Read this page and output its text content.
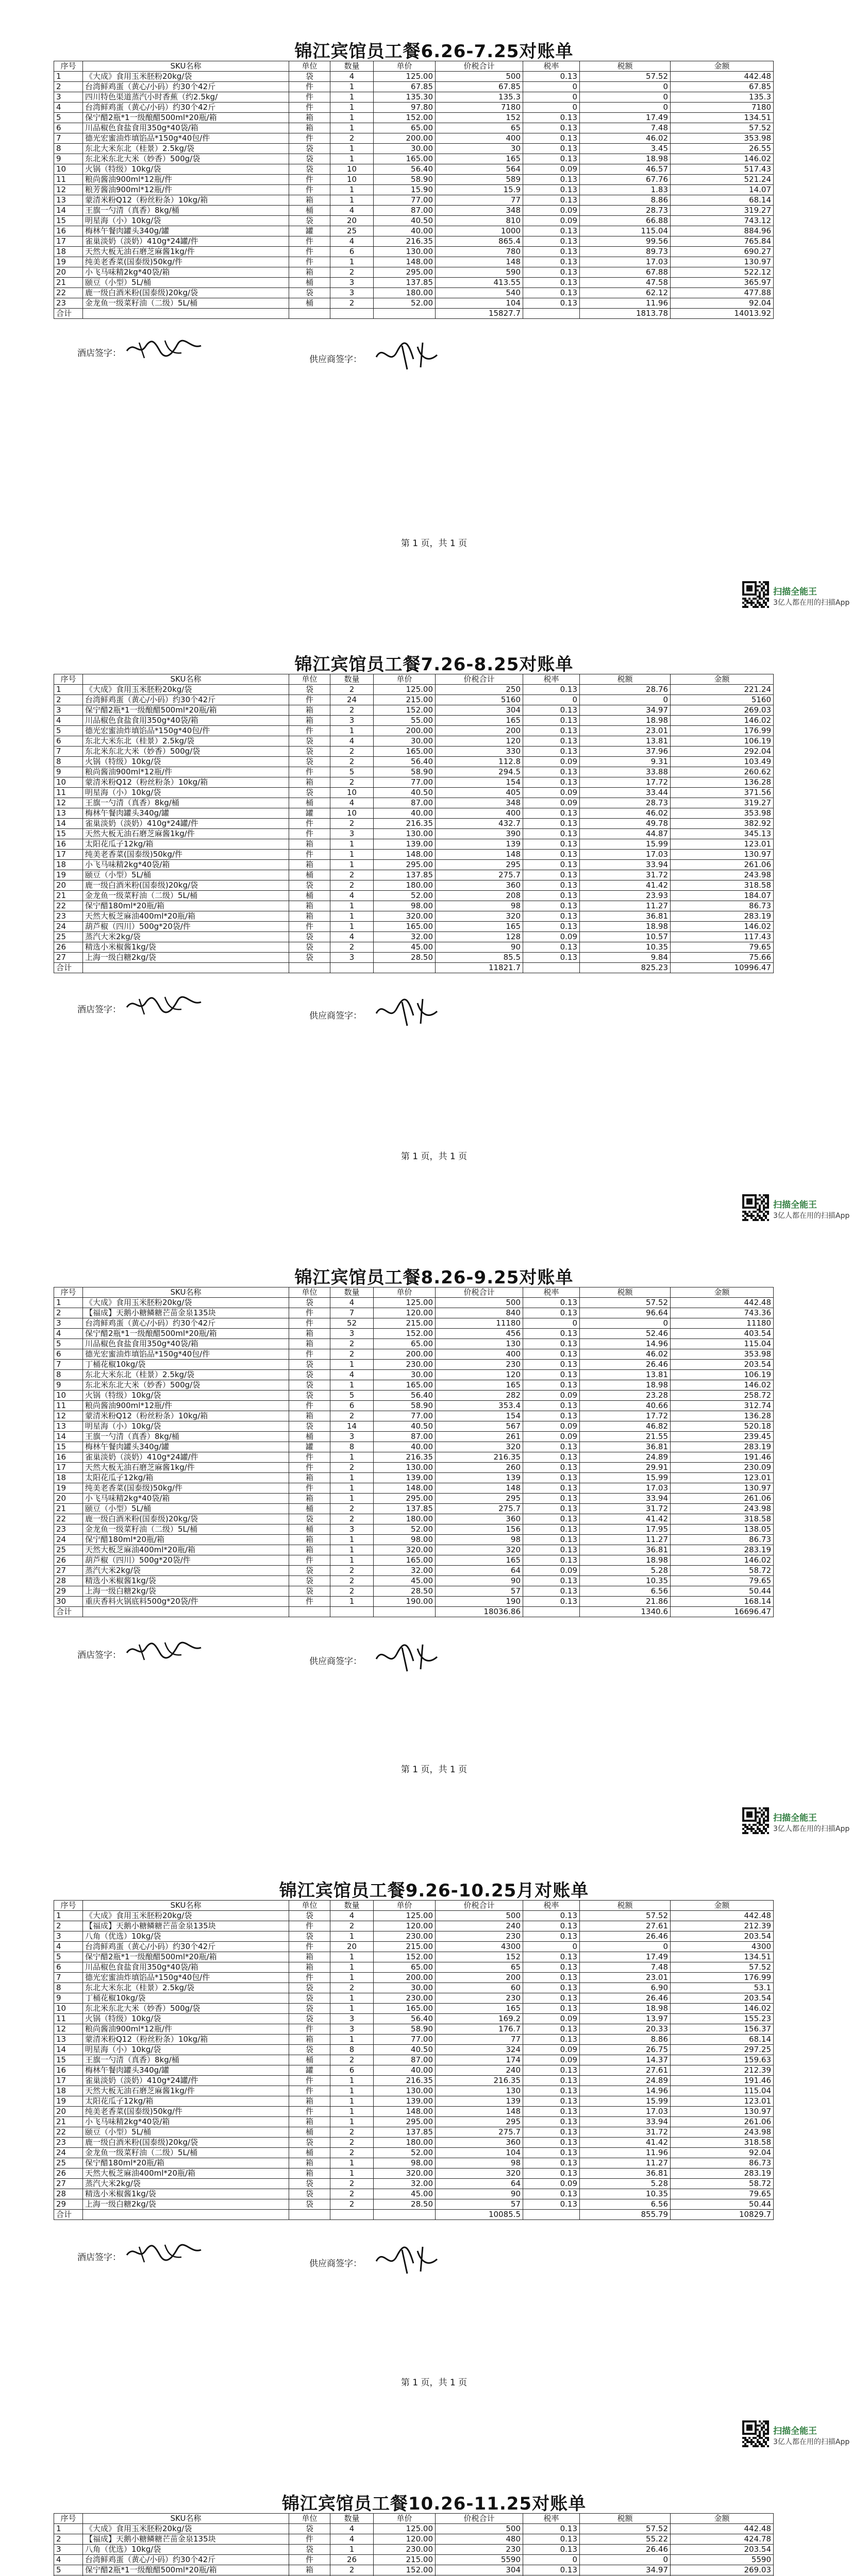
锦江宾馆员工餐6.26-7.25对账单
序号	SKU名称	单位	数量	单价	价税合计	税率	税额	金额
1	《大成》食用玉米胚粉20kg/袋	袋	4	125.00	500	0.13	57.52	442.48
2	台湾鲜鸡蛋（黄心/小码）约30个42斤	件	1	67.85	67.85	0	0	67.85
3	四川特色渠道蒸汽小时香蕉（约2.5kg/	件	1	135.30	135.3	0	0	135.3
4	台湾鲜鸡蛋（黄心/小码）约30个42斤	件	1	97.80	7180	0	0	7180
5	保宁醋2瓶*1一级酿醋500ml*20瓶/箱	箱	1	152.00	152	0.13	17.49	134.51
6	川品椒色食盐食用350g*40袋/箱	箱	1	65.00	65	0.13	7.48	57.52
7	德光宏蜜油炸填馅品*150g*40包/件	件	2	200.00	400	0.13	46.02	353.98
8	东北大米东北（桂景）2.5kg/袋	袋	1	30.00	30	0.13	3.45	26.55
9	东北米东北大米（妙香）500g/袋	袋	1	165.00	165	0.13	18.98	146.02
10	火锅（特级）10kg/袋	袋	10	56.40	564	0.09	46.57	517.43
11	粮尚酱油900ml*12瓶/件	件	10	58.90	589	0.13	67.76	521.24
12	粮芳酱油900ml*12瓶/件	件	1	15.90	15.9	0.13	1.83	14.07
13	蒙清米粉Q12（粉丝粉条）10kg/箱	箱	1	77.00	77	0.13	8.86	68.14
14	王旗一勺清（真香）8kg/桶	桶	4	87.00	348	0.09	28.73	319.27
15	明星海（小）10kg/袋	袋	20	40.50	810	0.09	66.88	743.12
16	梅林午餐肉罐头340g/罐	罐	25	40.00	1000	0.13	115.04	884.96
17	雀巢淡奶（淡奶）410g*24罐/件	件	4	216.35	865.4	0.13	99.56	765.84
18	天然大板无油石磨芝麻酱1kg/件	件	6	130.00	780	0.13	89.73	690.27
19	纯美老香菜(国泰级)50kg/件	件	1	148.00	148	0.13	17.03	130.97
20	小飞马味精2kg*40袋/箱	箱	2	295.00	590	0.13	67.88	522.12
21	颐豆（小型）5L/桶	桶	3	137.85	413.55	0.13	47.58	365.97
22	鹿一级白酒米粉(国泰级)20kg/袋	袋	3	180.00	540	0.13	62.12	477.88
23	金龙鱼一级菜籽油（二级）5L/桶	桶	2	52.00	104	0.13	11.96	92.04
合计					15827.7		1813.78	14013.92
酒店签字：
供应商签字：
第 1 页，共 1 页
扫描全能王
3亿人都在用的扫描App
锦江宾馆员工餐7.26-8.25对账单
序号	SKU名称	单位	数量	单价	价税合计	税率	税额	金额
1	《大成》食用玉米胚粉20kg/袋	袋	2	125.00	250	0.13	28.76	221.24
2	台湾鲜鸡蛋（黄心/小码）约30个42斤	件	24	215.00	5160	0	0	5160
3	保宁醋2瓶*1一级酿醋500ml*20瓶/箱	箱	2	152.00	304	0.13	34.97	269.03
4	川品椒色食盐食用350g*40袋/箱	箱	3	55.00	165	0.13	18.98	146.02
5	德光宏蜜油炸填馅品*150g*40包/件	件	1	200.00	200	0.13	23.01	176.99
6	东北大米东北（桂景）2.5kg/袋	袋	4	30.00	120	0.13	13.81	106.19
7	东北米东北大米（妙香）500g/袋	袋	2	165.00	330	0.13	37.96	292.04
8	火锅（特级）10kg/袋	袋	2	56.40	112.8	0.09	9.31	103.49
9	粮尚酱油900ml*12瓶/件	件	5	58.90	294.5	0.13	33.88	260.62
10	蒙清米粉Q12（粉丝粉条）10kg/箱	箱	2	77.00	154	0.13	17.72	136.28
11	明星海（小）10kg/袋	袋	10	40.50	405	0.09	33.44	371.56
12	王旗一勺清（真香）8kg/桶	桶	4	87.00	348	0.09	28.73	319.27
13	梅林午餐肉罐头340g/罐	罐	10	40.00	400	0.13	46.02	353.98
14	雀巢淡奶（淡奶）410g*24罐/件	件	2	216.35	432.7	0.13	49.78	382.92
15	天然大板无油石磨芝麻酱1kg/件	件	3	130.00	390	0.13	44.87	345.13
16	太阳花瓜子12kg/箱	箱	1	139.00	139	0.13	15.99	123.01
17	纯美老香菜(国泰级)50kg/件	件	1	148.00	148	0.13	17.03	130.97
18	小飞马味精2kg*40袋/箱	箱	1	295.00	295	0.13	33.94	261.06
19	颐豆（小型）5L/桶	桶	2	137.85	275.7	0.13	31.72	243.98
20	鹿一级白酒米粉(国泰级)20kg/袋	袋	2	180.00	360	0.13	41.42	318.58
21	金龙鱼一级菜籽油（二级）5L/桶	桶	4	52.00	208	0.13	23.93	184.07
22	保宁醋180ml*20瓶/箱	箱	1	98.00	98	0.13	11.27	86.73
23	天然大板芝麻油400ml*20瓶/箱	箱	1	320.00	320	0.13	36.81	283.19
24	葫芦椒（四川）500g*20袋/件	件	1	165.00	165	0.13	18.98	146.02
25	蒸汽大米2kg/袋	袋	4	32.00	128	0.09	10.57	117.43
26	精选小米椒酱1kg/袋	袋	2	45.00	90	0.13	10.35	79.65
27	上海一级白糖2kg/袋	袋	3	28.50	85.5	0.13	9.84	75.66
合计					11821.7		825.23	10996.47
酒店签字：
供应商签字：
第 1 页，共 1 页
扫描全能王
3亿人都在用的扫描App
锦江宾馆员工餐8.26-9.25对账单
序号	SKU名称	单位	数量	单价	价税合计	税率	税额	金额
1	《大成》食用玉米胚粉20kg/袋	袋	4	125.00	500	0.13	57.52	442.48
2	【福成】天鹅小糖鳞糖芒苗金泉135块	件	7	120.00	840	0.13	96.64	743.36
3	台湾鲜鸡蛋（黄心/小码）约30个42斤	件	52	215.00	11180	0	0	11180
4	保宁醋2瓶*1一级酿醋500ml*20瓶/箱	箱	3	152.00	456	0.13	52.46	403.54
5	川品椒色食盐食用350g*40袋/箱	箱	2	65.00	130	0.13	14.96	115.04
6	德光宏蜜油炸填馅品*150g*40包/件	件	2	200.00	400	0.13	46.02	353.98
7	丁桶花椒10kg/袋	袋	1	230.00	230	0.13	26.46	203.54
8	东北大米东北（桂景）2.5kg/袋	袋	4	30.00	120	0.13	13.81	106.19
9	东北米东北大米（妙香）500g/袋	袋	1	165.00	165	0.13	18.98	146.02
10	火锅（特级）10kg/袋	袋	5	56.40	282	0.09	23.28	258.72
11	粮尚酱油900ml*12瓶/件	件	6	58.90	353.4	0.13	40.66	312.74
12	蒙清米粉Q12（粉丝粉条）10kg/箱	箱	2	77.00	154	0.13	17.72	136.28
13	明星海（小）10kg/袋	袋	14	40.50	567	0.09	46.82	520.18
14	王旗一勺清（真香）8kg/桶	桶	3	87.00	261	0.09	21.55	239.45
15	梅林午餐肉罐头340g/罐	罐	8	40.00	320	0.13	36.81	283.19
16	雀巢淡奶（淡奶）410g*24罐/件	件	1	216.35	216.35	0.13	24.89	191.46
17	天然大板无油石磨芝麻酱1kg/件	件	2	130.00	260	0.13	29.91	230.09
18	太阳花瓜子12kg/箱	箱	1	139.00	139	0.13	15.99	123.01
19	纯美老香菜(国泰级)50kg/件	件	1	148.00	148	0.13	17.03	130.97
20	小飞马味精2kg*40袋/箱	箱	1	295.00	295	0.13	33.94	261.06
21	颐豆（小型）5L/桶	桶	2	137.85	275.7	0.13	31.72	243.98
22	鹿一级白酒米粉(国泰级)20kg/袋	袋	2	180.00	360	0.13	41.42	318.58
23	金龙鱼一级菜籽油（二级）5L/桶	桶	3	52.00	156	0.13	17.95	138.05
24	保宁醋180ml*20瓶/箱	箱	1	98.00	98	0.13	11.27	86.73
25	天然大板芝麻油400ml*20瓶/箱	箱	1	320.00	320	0.13	36.81	283.19
26	葫芦椒（四川）500g*20袋/件	件	1	165.00	165	0.13	18.98	146.02
27	蒸汽大米2kg/袋	袋	2	32.00	64	0.09	5.28	58.72
28	精选小米椒酱1kg/袋	袋	2	45.00	90	0.13	10.35	79.65
29	上海一级白糖2kg/袋	袋	2	28.50	57	0.13	6.56	50.44
30	重庆香料火锅底料500g*20袋/件	件	1	190.00	190	0.13	21.86	168.14
合计					18036.86		1340.6	16696.47
酒店签字：
供应商签字：
第 1 页，共 1 页
扫描全能王
3亿人都在用的扫描App
锦江宾馆员工餐9.26-10.25月对账单
序号	SKU名称	单位	数量	单价	价税合计	税率	税额	金额
1	《大成》食用玉米胚粉20kg/袋	袋	4	125.00	500	0.13	57.52	442.48
2	【福成】天鹅小糖鳞糖芒苗金泉135块	件	2	120.00	240	0.13	27.61	212.39
3	八角（优选）10kg/袋	袋	1	230.00	230	0.13	26.46	203.54
4	台湾鲜鸡蛋（黄心/小码）约30个42斤	件	20	215.00	4300	0	0	4300
5	保宁醋2瓶*1一级酿醋500ml*20瓶/箱	箱	1	152.00	152	0.13	17.49	134.51
6	川品椒色食盐食用350g*40袋/箱	箱	1	65.00	65	0.13	7.48	57.52
7	德光宏蜜油炸填馅品*150g*40包/件	件	1	200.00	200	0.13	23.01	176.99
8	东北大米东北（桂景）2.5kg/袋	袋	2	30.00	60	0.13	6.90	53.1
9	丁桶花椒10kg/袋	袋	1	230.00	230	0.13	26.46	203.54
10	东北米东北大米（妙香）500g/袋	袋	1	165.00	165	0.13	18.98	146.02
11	火锅（特级）10kg/袋	袋	3	56.40	169.2	0.09	13.97	155.23
12	粮尚酱油900ml*12瓶/件	件	3	58.90	176.7	0.13	20.33	156.37
13	蒙清米粉Q12（粉丝粉条）10kg/箱	箱	1	77.00	77	0.13	8.86	68.14
14	明星海（小）10kg/袋	袋	8	40.50	324	0.09	26.75	297.25
15	王旗一勺清（真香）8kg/桶	桶	2	87.00	174	0.09	14.37	159.63
16	梅林午餐肉罐头340g/罐	罐	6	40.00	240	0.13	27.61	212.39
17	雀巢淡奶（淡奶）410g*24罐/件	件	1	216.35	216.35	0.13	24.89	191.46
18	天然大板无油石磨芝麻酱1kg/件	件	1	130.00	130	0.13	14.96	115.04
19	太阳花瓜子12kg/箱	箱	1	139.00	139	0.13	15.99	123.01
20	纯美老香菜(国泰级)50kg/件	件	1	148.00	148	0.13	17.03	130.97
21	小飞马味精2kg*40袋/箱	箱	1	295.00	295	0.13	33.94	261.06
22	颐豆（小型）5L/桶	桶	2	137.85	275.7	0.13	31.72	243.98
23	鹿一级白酒米粉(国泰级)20kg/袋	袋	2	180.00	360	0.13	41.42	318.58
24	金龙鱼一级菜籽油（二级）5L/桶	桶	2	52.00	104	0.13	11.96	92.04
25	保宁醋180ml*20瓶/箱	箱	1	98.00	98	0.13	11.27	86.73
26	天然大板芝麻油400ml*20瓶/箱	箱	1	320.00	320	0.13	36.81	283.19
27	蒸汽大米2kg/袋	袋	2	32.00	64	0.09	5.28	58.72
28	精选小米椒酱1kg/袋	袋	2	45.00	90	0.13	10.35	79.65
29	上海一级白糖2kg/袋	袋	2	28.50	57	0.13	6.56	50.44
合计					10085.5		855.79	10829.7
酒店签字：
供应商签字：
第 1 页，共 1 页
扫描全能王
3亿人都在用的扫描App
锦江宾馆员工餐10.26-11.25对账单
序号	SKU名称	单位	数量	单价	价税合计	税率	税额	金额
1	《大成》食用玉米胚粉20kg/袋	袋	4	125.00	500	0.13	57.52	442.48
2	【福成】天鹅小糖鳞糖芒苗金泉135块	件	4	120.00	480	0.13	55.22	424.78
3	八角（优选）10kg/袋	袋	1	230.00	230	0.13	26.46	203.54
4	台湾鲜鸡蛋（黄心/小码）约30个42斤	件	26	215.00	5590	0	0	5590
5	保宁醋2瓶*1一级酿醋500ml*20瓶/箱	箱	2	152.00	304	0.13	34.97	269.03
